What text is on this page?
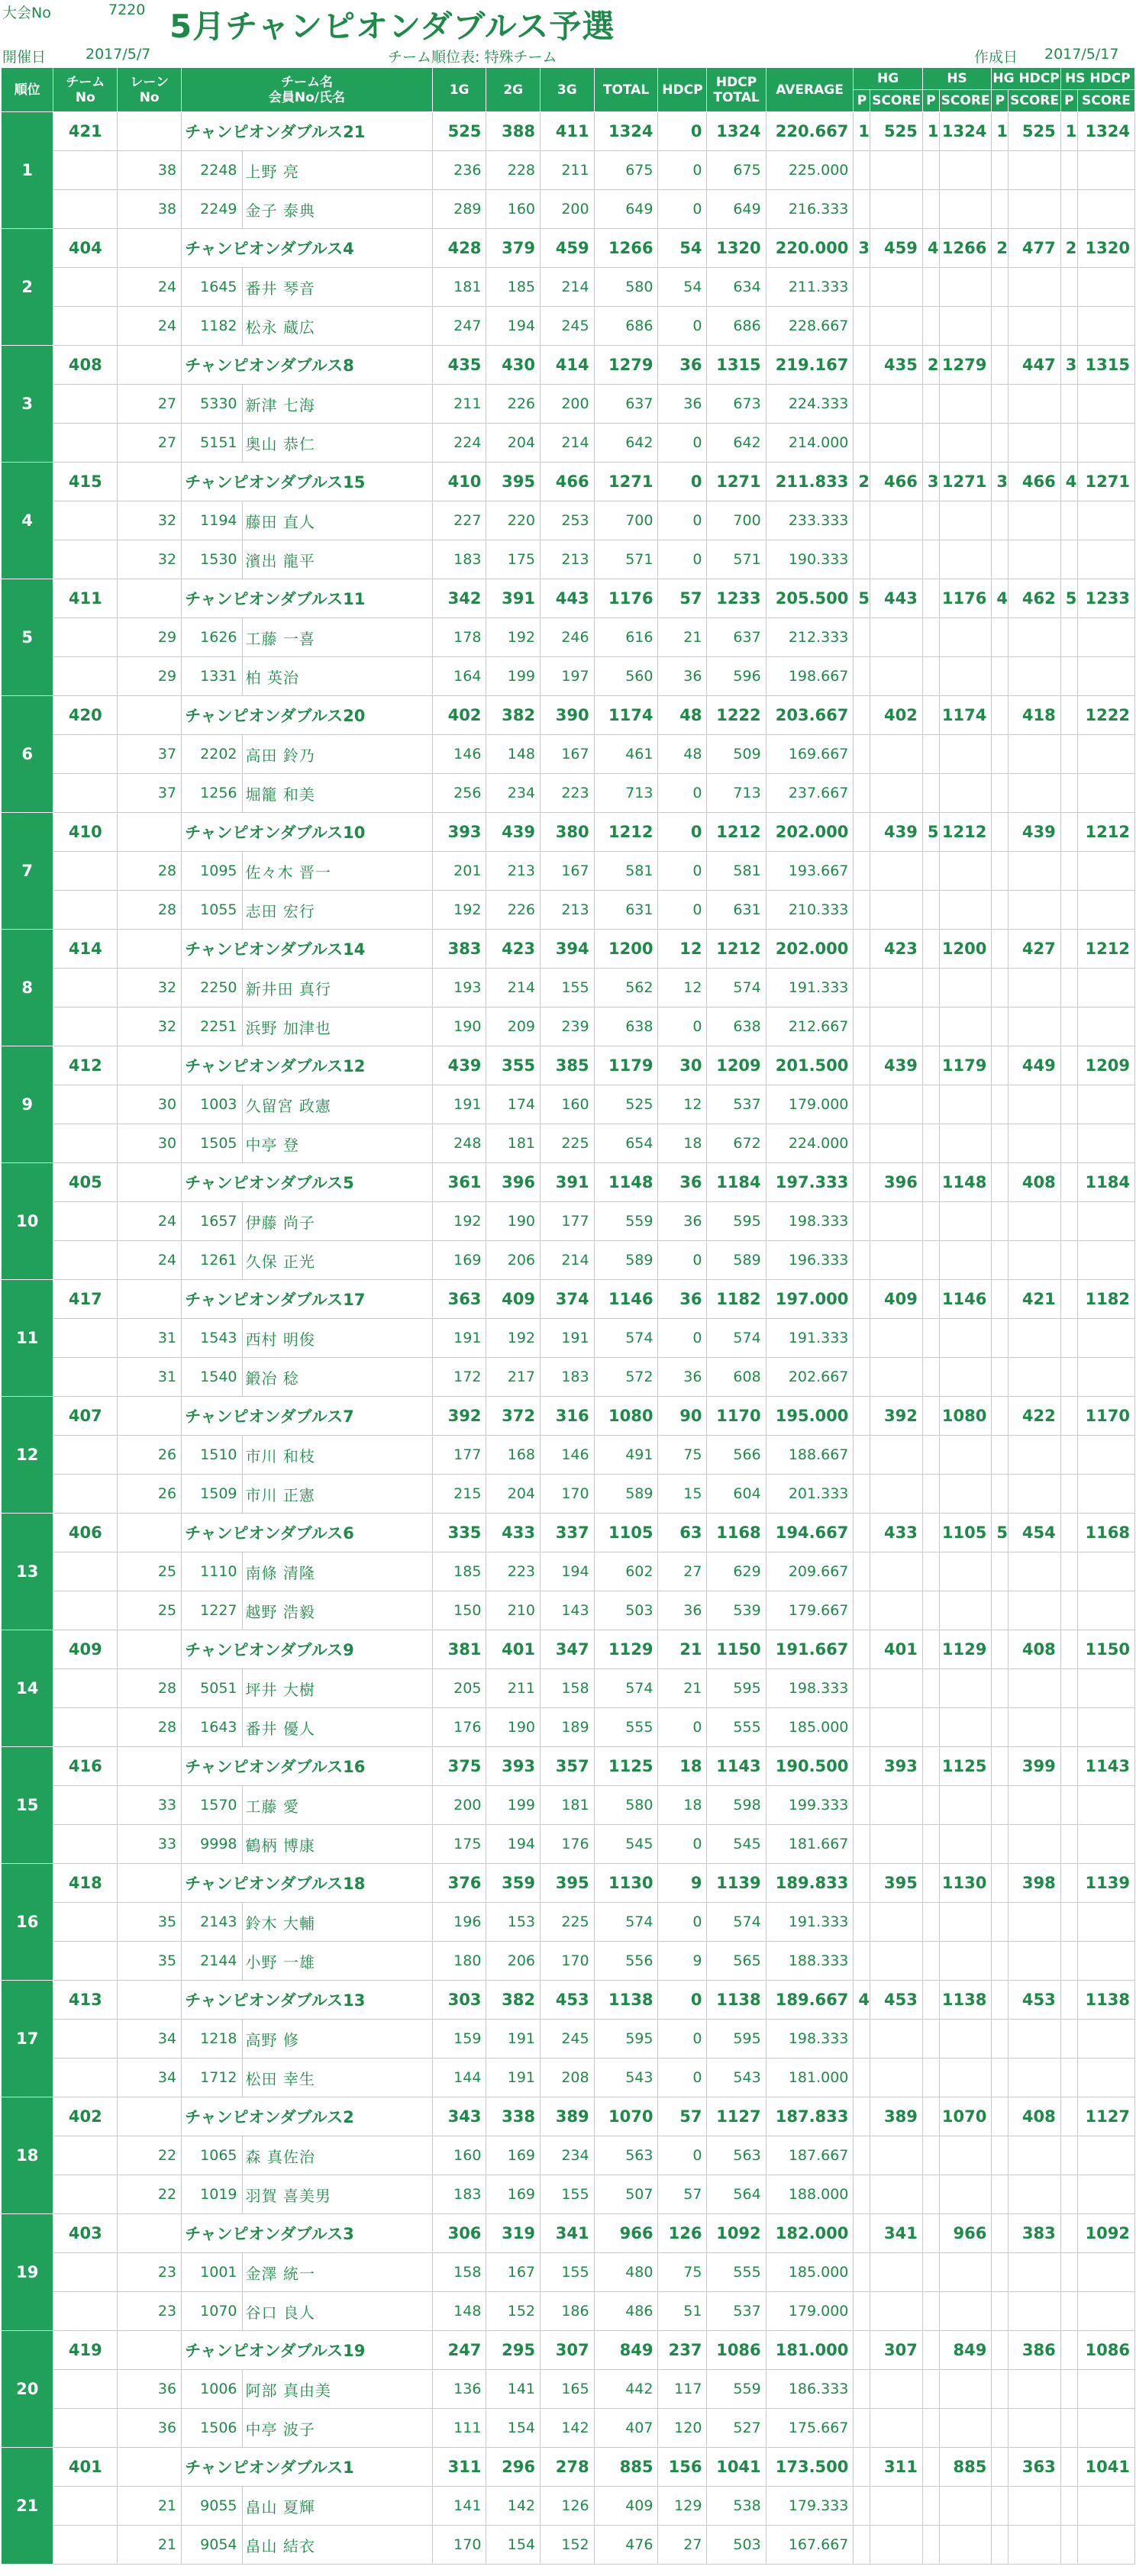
大会No	7220 5月チャンピオンダブルス予選
開催日	2017/5/7	チーム順位表: 特殊チーム	作成日 2017/5/17
順位	チーム
No	レーン
No	チーム名
会員No/氏名		1G	2G	3G	TOTAL	HDCP	HDCP
TOTAL	AVERAGE	HG		HS		HG HDCP		HS HDCP	
												P	SCORE	P	SCORE	P	SCORE	P	SCORE
1	421		チャンピオンダブルス21		525	388	411	1324	0	1324	220.667	1	525	1	1324	1	525	1	1324
		38	2248	上野 亮	236	228	211	675	0	675	225.000								
		38	2249	金子 泰典	289	160	200	649	0	649	216.333								
2	404		チャンピオンダブルス4		428	379	459	1266	54	1320	220.000	3	459	4	1266	2	477	2	1320
		24	1645	番井 琴音	181	185	214	580	54	634	211.333								
		24	1182	松永 蔵広	247	194	245	686	0	686	228.667								
3	408		チャンピオンダブルス8		435	430	414	1279	36	1315	219.167		435	2	1279		447	3	1315
		27	5330	新津 七海	211	226	200	637	36	673	224.333								
		27	5151	奥山 恭仁	224	204	214	642	0	642	214.000								
4	415		チャンピオンダブルス15		410	395	466	1271	0	1271	211.833	2	466	3	1271	3	466	4	1271
		32	1194	藤田 直人	227	220	253	700	0	700	233.333								
		32	1530	濱出 龍平	183	175	213	571	0	571	190.333								
5	411		チャンピオンダブルス11		342	391	443	1176	57	1233	205.500	5	443		1176	4	462	5	1233
		29	1626	工藤 一喜	178	192	246	616	21	637	212.333								
		29	1331	柏 英治	164	199	197	560	36	596	198.667								
6	420		チャンピオンダブルス20		402	382	390	1174	48	1222	203.667		402		1174		418		1222
		37	2202	高田 鈴乃	146	148	167	461	48	509	169.667								
		37	1256	堀籠 和美	256	234	223	713	0	713	237.667								
7	410		チャンピオンダブルス10		393	439	380	1212	0	1212	202.000		439	5	1212		439		1212
		28	1095	佐々木 晋一	201	213	167	581	0	581	193.667								
		28	1055	志田 宏行	192	226	213	631	0	631	210.333								
8	414		チャンピオンダブルス14		383	423	394	1200	12	1212	202.000		423		1200		427		1212
		32	2250	新井田 真行	193	214	155	562	12	574	191.333								
		32	2251	浜野 加津也	190	209	239	638	0	638	212.667								
9	412		チャンピオンダブルス12		439	355	385	1179	30	1209	201.500		439		1179		449		1209
		30	1003	久留宮 政憲	191	174	160	525	12	537	179.000								
		30	1505	中亭 登	248	181	225	654	18	672	224.000								
10	405		チャンピオンダブルス5		361	396	391	1148	36	1184	197.333		396		1148		408		1184
		24	1657	伊藤 尚子	192	190	177	559	36	595	198.333								
		24	1261	久保 正光	169	206	214	589	0	589	196.333								
11	417		チャンピオンダブルス17		363	409	374	1146	36	1182	197.000		409		1146		421		1182
		31	1543	西村 明俊	191	192	191	574	0	574	191.333								
		31	1540	鍛冶 稔	172	217	183	572	36	608	202.667								
12	407		チャンピオンダブルス7		392	372	316	1080	90	1170	195.000		392		1080		422		1170
		26	1510	市川 和枝	177	168	146	491	75	566	188.667								
		26	1509	市川 正憲	215	204	170	589	15	604	201.333								
13	406		チャンピオンダブルス6		335	433	337	1105	63	1168	194.667		433		1105	5	454		1168
		25	1110	南條 清隆	185	223	194	602	27	629	209.667								
		25	1227	越野 浩毅	150	210	143	503	36	539	179.667								
14	409		チャンピオンダブルス9		381	401	347	1129	21	1150	191.667		401		1129		408		1150
		28	5051	坪井 大樹	205	211	158	574	21	595	198.333								
		28	1643	番井 優人	176	190	189	555	0	555	185.000								
15	416		チャンピオンダブルス16		375	393	357	1125	18	1143	190.500		393		1125		399		1143
		33	1570	工藤 愛	200	199	181	580	18	598	199.333								
		33	9998	鶴柄 博康	175	194	176	545	0	545	181.667								
16	418		チャンピオンダブルス18		376	359	395	1130	9	1139	189.833		395		1130		398		1139
		35	2143	鈴木 大輔	196	153	225	574	0	574	191.333								
		35	2144	小野 一雄	180	206	170	556	9	565	188.333								
17	413		チャンピオンダブルス13		303	382	453	1138	0	1138	189.667	4	453		1138		453		1138
		34	1218	高野 修	159	191	245	595	0	595	198.333								
		34	1712	松田 幸生	144	191	208	543	0	543	181.000								
18	402		チャンピオンダブルス2		343	338	389	1070	57	1127	187.833		389		1070		408		1127
		22	1065	森 真佐治	160	169	234	563	0	563	187.667								
		22	1019	羽賀 喜美男	183	169	155	507	57	564	188.000								
19	403		チャンピオンダブルス3		306	319	341	966	126	1092	182.000		341		966		383		1092
		23	1001	金澤 統一	158	167	155	480	75	555	185.000								
		23	1070	谷口 良人	148	152	186	486	51	537	179.000								
20	419		チャンピオンダブルス19		247	295	307	849	237	1086	181.000		307		849		386		1086
		36	1006	阿部 真由美	136	141	165	442	117	559	186.333								
		36	1506	中亭 波子	111	154	142	407	120	527	175.667								
21	401		チャンピオンダブルス1		311	296	278	885	156	1041	173.500		311		885		363		1041
		21	9055	畠山 夏輝	141	142	126	409	129	538	179.333								
		21	9054	畠山 結衣	170	154	152	476	27	503	167.667								
